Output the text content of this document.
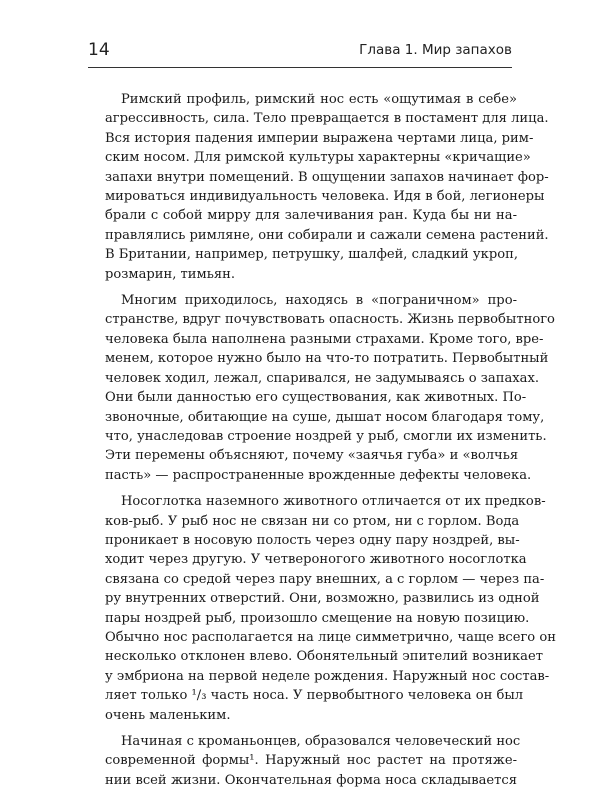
14	Глава 1. Мир запахов
Римский профиль, римский нос есть «ощутимая в себе»
агрессивность, сила. Тело превращается в постамент для лица.
Вся история падения империи выражена чертами лица, рим-
ским носом. Для римской культуры характерны «кричащие»
запахи внутри помещений. В ощущении запахов начинает фор-
мироваться индивидуальность человека. Идя в бой, легионеры
брали с собой мирру для залечивания ран. Куда бы ни на-
правлялись римляне, они собирали и сажали семена растений.
В Британии, например, петрушку, шалфей, сладкий укроп,
розмарин, тимьян.
Многим приходилось, находясь в «пограничном» про-
странстве, вдруг почувствовать опасность. Жизнь первобытного
человека была наполнена разными страхами. Кроме того, вре-
менем, которое нужно было на что-то потратить. Первобытный
человек ходил, лежал, спаривался, не задумываясь о запахах.
Они были данностью его существования, как животных. По-
звоночные, обитающие на суше, дышат носом благодаря тому,
что, унаследовав строение ноздрей у рыб, смогли их изменить.
Эти перемены объясняют, почему «заячья губа» и «волчья
пасть» — распространенные врожденные дефекты человека.
Носоглотка наземного животного отличается от их предков-
ков-рыб. У рыб нос не связан ни со ртом, ни с горлом. Вода
проникает в носовую полость через одну пару ноздрей, вы-
ходит через другую. У четвероногого животного носоглотка
связана со средой через пару внешних, а с горлом — через па-
ру внутренних отверстий. Они, возможно, развились из одной
пары ноздрей рыб, произошло смещение на новую позицию.
Обычно нос располагается на лице симметрично, чаще всего он
несколько отклонен влево. Обонятельный эпителий возникает
у эмбриона на первой неделе рождения. Наружный нос состав-
ляет только ¹/₃ часть носа. У первобытного человека он был
очень маленьким.
Начиная с кроманьонцев, образовался человеческий нос
современной формы¹. Наружный нос растет на протяже-
нии всей жизни. Окончательная форма носа складывается
